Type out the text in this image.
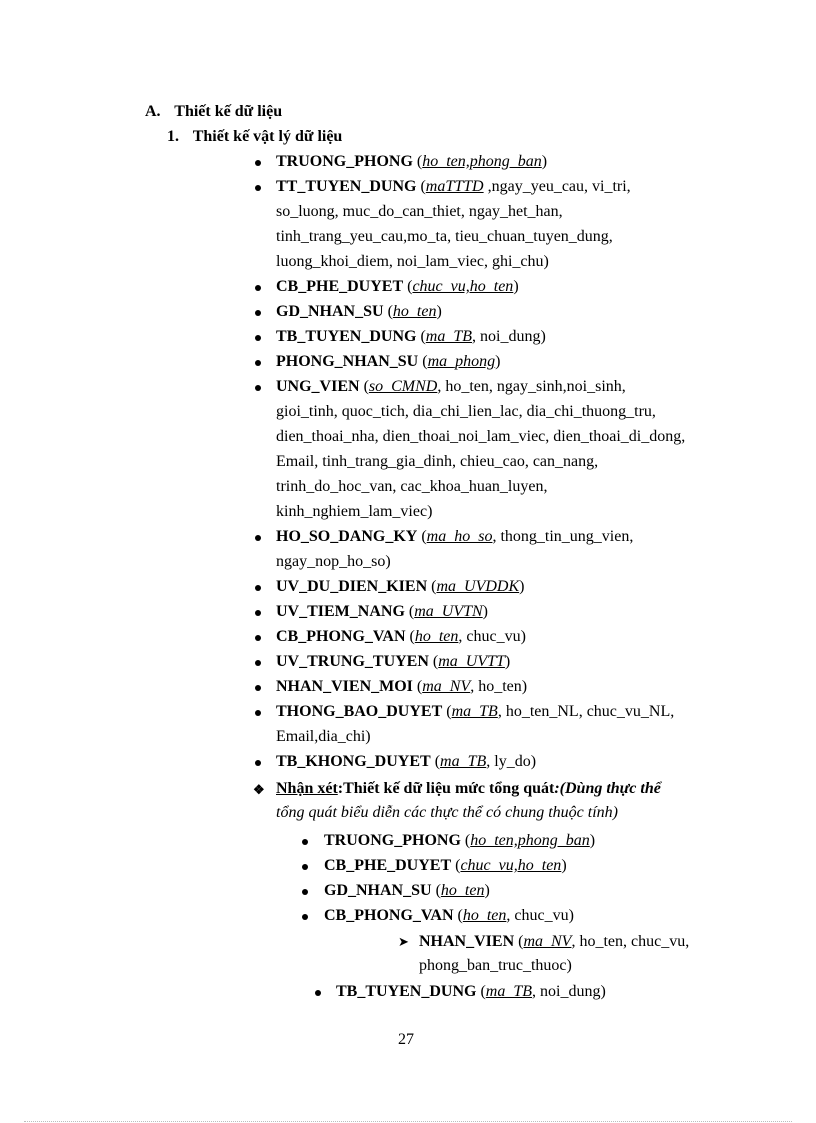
A. Thiết kế dữ liệu
1. Thiết kế vật lý dữ liệu
TRUONG_PHONG (ho_ten,phong_ban)
TT_TUYEN_DUNG (maTTTD ,ngay_yeu_cau, vi_tri,
so_luong, muc_do_can_thiet, ngay_het_han,
tinh_trang_yeu_cau,mo_ta, tieu_chuan_tuyen_dung,
luong_khoi_diem, noi_lam_viec, ghi_chu)
CB_PHE_DUYET (chuc_vu,ho_ten)
GD_NHAN_SU (ho_ten)
TB_TUYEN_DUNG (ma_TB, noi_dung)
PHONG_NHAN_SU (ma_phong)
UNG_VIEN (so_CMND, ho_ten, ngay_sinh,noi_sinh,
gioi_tinh, quoc_tich, dia_chi_lien_lac, dia_chi_thuong_tru,
dien_thoai_nha, dien_thoai_noi_lam_viec, dien_thoai_di_dong,
Email, tinh_trang_gia_dinh, chieu_cao, can_nang,
trinh_do_hoc_van, cac_khoa_huan_luyen,
kinh_nghiem_lam_viec)
HO_SO_DANG_KY (ma_ho_so, thong_tin_ung_vien,
ngay_nop_ho_so)
UV_DU_DIEN_KIEN (ma_UVDDK)
UV_TIEM_NANG (ma_UVTN)
CB_PHONG_VAN (ho_ten, chuc_vu)
UV_TRUNG_TUYEN (ma_UVTT)
NHAN_VIEN_MOI (ma_NV, ho_ten)
THONG_BAO_DUYET (ma_TB, ho_ten_NL, chuc_vu_NL,
Email,dia_chi)
TB_KHONG_DUYET (ma_TB, ly_do)
❖ Nhận xét:Thiết kế dữ liệu mức tổng quát:(Dùng thực thể
tổng quát biểu diễn các thực thể có chung thuộc tính)
TRUONG_PHONG (ho_ten,phong_ban)
CB_PHE_DUYET (chuc_vu,ho_ten)
GD_NHAN_SU (ho_ten)
CB_PHONG_VAN (ho_ten, chuc_vu)
➤ NHAN_VIEN (ma_NV, ho_ten, chuc_vu,
phong_ban_truc_thuoc)
TB_TUYEN_DUNG (ma_TB, noi_dung)
27
